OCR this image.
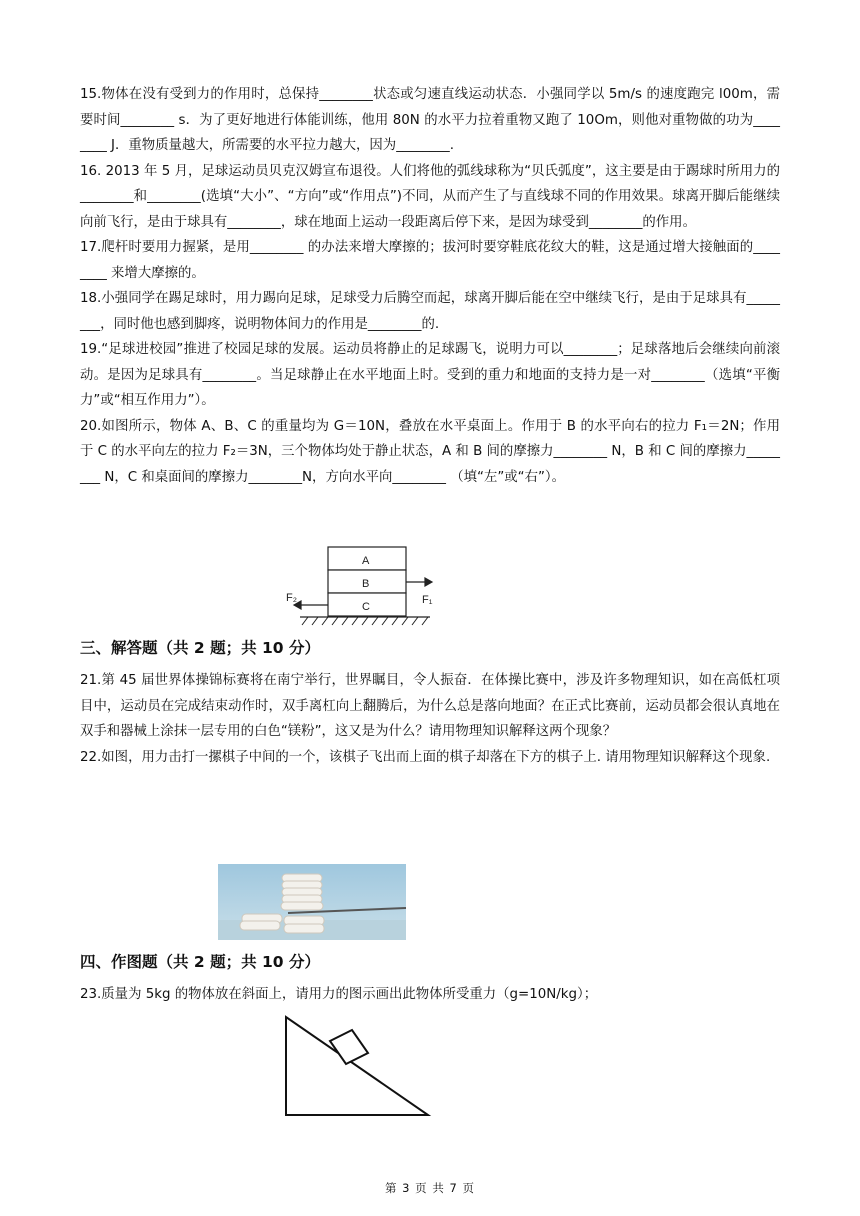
15.物体在没有受到力的作用时，总保持________状态或匀速直线运动状态．小强同学以 5m/s 的速度跑完 l00m，需要时间________ s．为了更好地进行体能训练，他用 80N 的水平力拉着重物又跑了 10Om，则他对重物做的功为________ J．重物质量越大，所需要的水平拉力越大，因为________.

16. 2013 年 5 月，足球运动员贝克汉姆宣布退役。人们将他的弧线球称为“贝氏弧度”，这主要是由于踢球时所用力的________和________(选填“大小”、“方向”或“作用点”)不同，从而产生了与直线球不同的作用效果。球离开脚后能继续向前飞行，是由于球具有________，球在地面上运动一段距离后停下来，是因为球受到________的作用。

17.爬杆时要用力握紧，是用________ 的办法来增大摩擦的；拔河时要穿鞋底花纹大的鞋，这是通过增大接触面的________ 来增大摩擦的。

18.小强同学在踢足球时，用力踢向足球，足球受力后腾空而起，球离开脚后能在空中继续飞行，是由于足球具有________，同时他也感到脚疼，说明物体间力的作用是________的.

19.“足球进校园”推进了校园足球的发展。运动员将静止的足球踢飞，说明力可以________；足球落地后会继续向前滚动。是因为足球具有________。当足球静止在水平地面上时。受到的重力和地面的支持力是一对________（选填“平衡力”或“相互作用力”）。

20.如图所示，物体 A、B、C 的重量均为 G＝10N，叠放在水平桌面上。作用于 B 的水平向右的拉力 F₁＝2N；作用于 C 的水平向左的拉力 F₂＝3N，三个物体均处于静止状态，A 和 B 间的摩擦力________ N，B 和 C 间的摩擦力________ N，C 和桌面间的摩擦力________N，方向水平向________ （填“左”或“右”）。

A
B
C
F₁
F₂

三、解答题（共 2 题；共 10 分）

21.第 45 届世界体操锦标赛将在南宁举行，世界瞩目，令人振奋．在体操比赛中，涉及许多物理知识，如在高低杠项目中，运动员在完成结束动作时，双手离杠向上翻腾后，为什么总是落向地面？在正式比赛前，运动员都会很认真地在双手和器械上涂抹一层专用的白色“镁粉”，这又是为什么？请用物理知识解释这两个现象？

22.如图，用力击打一摞棋子中间的一个，该棋子飞出而上面的棋子却落在下方的棋子上. 请用物理知识解释这个现象.

四、作图题（共 2 题；共 10 分）

23.质量为 5kg 的物体放在斜面上，请用力的图示画出此物体所受重力（g=10N/kg）；

第 3 页 共 7 页
